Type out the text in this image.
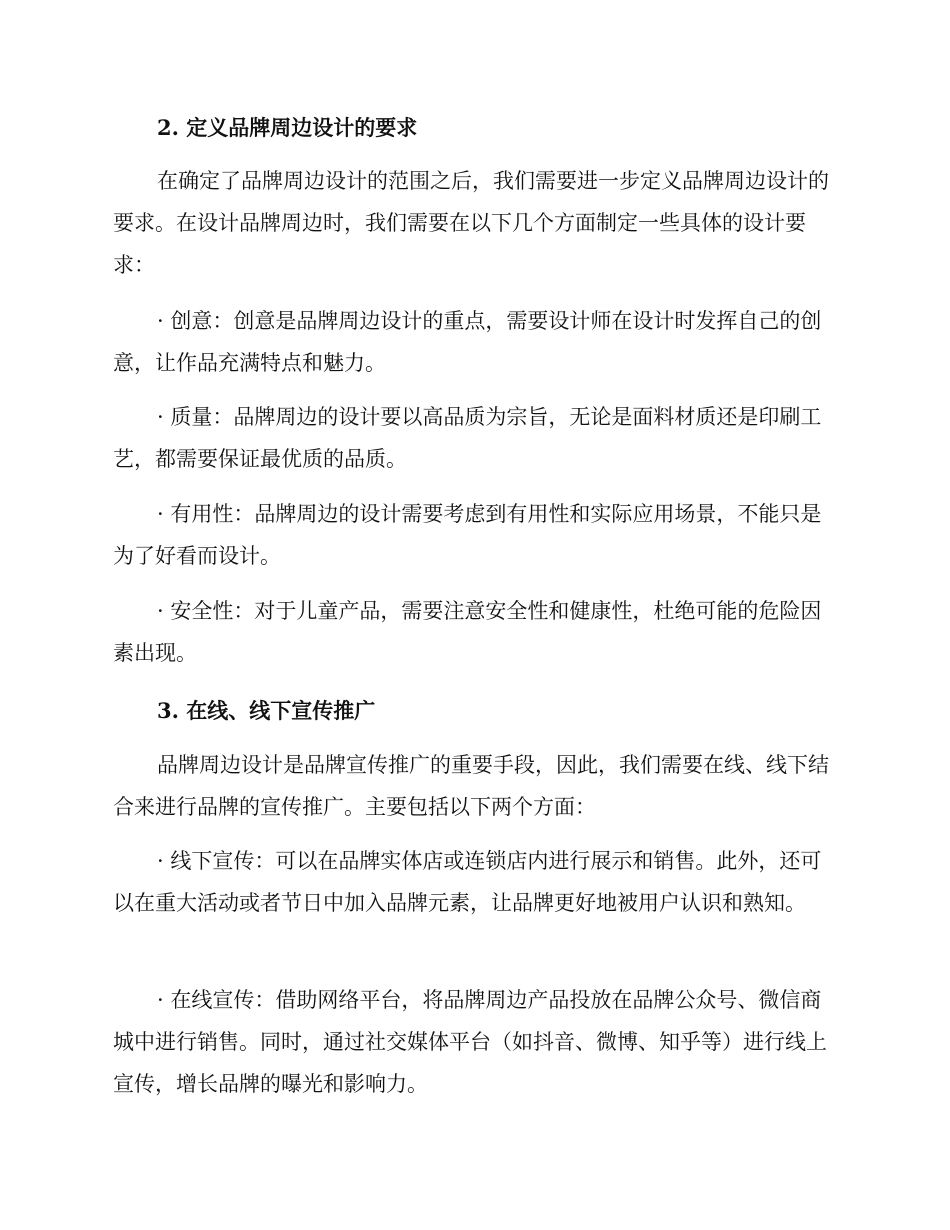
2. 定义品牌周边设计的要求

在确定了品牌周边设计的范围之后，我们需要进一步定义品牌周边设计的要求。在设计品牌周边时，我们需要在以下几个方面制定一些具体的设计要求：

· 创意：创意是品牌周边设计的重点，需要设计师在设计时发挥自己的创意，让作品充满特点和魅力。

· 质量：品牌周边的设计要以高品质为宗旨，无论是面料材质还是印刷工艺，都需要保证最优质的品质。

· 有用性：品牌周边的设计需要考虑到有用性和实际应用场景，不能只是为了好看而设计。

· 安全性：对于儿童产品，需要注意安全性和健康性，杜绝可能的危险因素出现。

3. 在线、线下宣传推广

品牌周边设计是品牌宣传推广的重要手段，因此，我们需要在线、线下结合来进行品牌的宣传推广。主要包括以下两个方面：

· 线下宣传：可以在品牌实体店或连锁店内进行展示和销售。此外，还可以在重大活动或者节日中加入品牌元素，让品牌更好地被用户认识和熟知。

· 在线宣传：借助网络平台，将品牌周边产品投放在品牌公众号、微信商城中进行销售。同时，通过社交媒体平台（如抖音、微博、知乎等）进行线上宣传，增长品牌的曝光和影响力。
